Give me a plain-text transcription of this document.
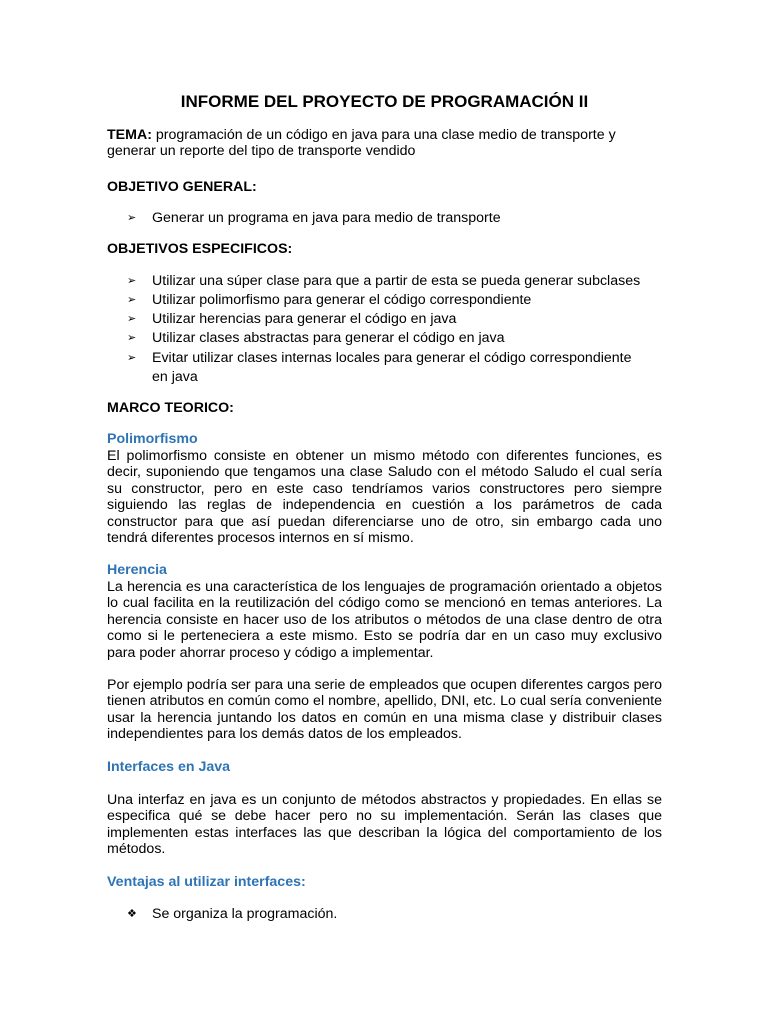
INFORME DEL PROYECTO DE PROGRAMACIÓN II

TEMA: programación de un código en java para una clase medio de transporte y generar un reporte del tipo de transporte vendido

OBJETIVO GENERAL:
➢	Generar un programa en java para medio de transporte
OBJETIVOS ESPECIFICOS:
➢	Utilizar una súper clase para que a partir de esta se pueda generar subclases
➢	Utilizar polimorfismo para generar el código correspondiente
➢	Utilizar herencias para generar el código en java
➢	Utilizar clases abstractas para generar el código en java
➢	Evitar utilizar clases internas locales para generar el código correspondiente en java
MARCO TEORICO:
Polimorfismo
El polimorfismo consiste en obtener un mismo método con diferentes funciones, es decir, suponiendo que tengamos una clase Saludo con el método Saludo el cual sería su constructor, pero en este caso tendríamos varios constructores pero siempre siguiendo las reglas de independencia en cuestión a los parámetros de cada constructor para que así puedan diferenciarse uno de otro, sin embargo cada uno tendrá diferentes procesos internos en sí mismo.
Herencia
La herencia es una característica de los lenguajes de programación orientado a objetos lo cual facilita en la reutilización del código como se mencionó en temas anteriores. La herencia consiste en hacer uso de los atributos o métodos de una clase dentro de otra como si le perteneciera a este mismo. Esto se podría dar en un caso muy exclusivo para poder ahorrar proceso y código a implementar.
Por ejemplo podría ser para una serie de empleados que ocupen diferentes cargos pero tienen atributos en común como el nombre, apellido, DNI, etc. Lo cual sería conveniente usar la herencia juntando los datos en común en una misma clase y distribuir clases independientes para los demás datos de los empleados.
Interfaces en Java
Una interfaz en java es un conjunto de métodos abstractos y propiedades. En ellas se especifica qué se debe hacer pero no su implementación. Serán las clases que implementen estas interfaces las que describan la lógica del comportamiento de los métodos.
Ventajas al utilizar interfaces:
❖	Se organiza la programación.
